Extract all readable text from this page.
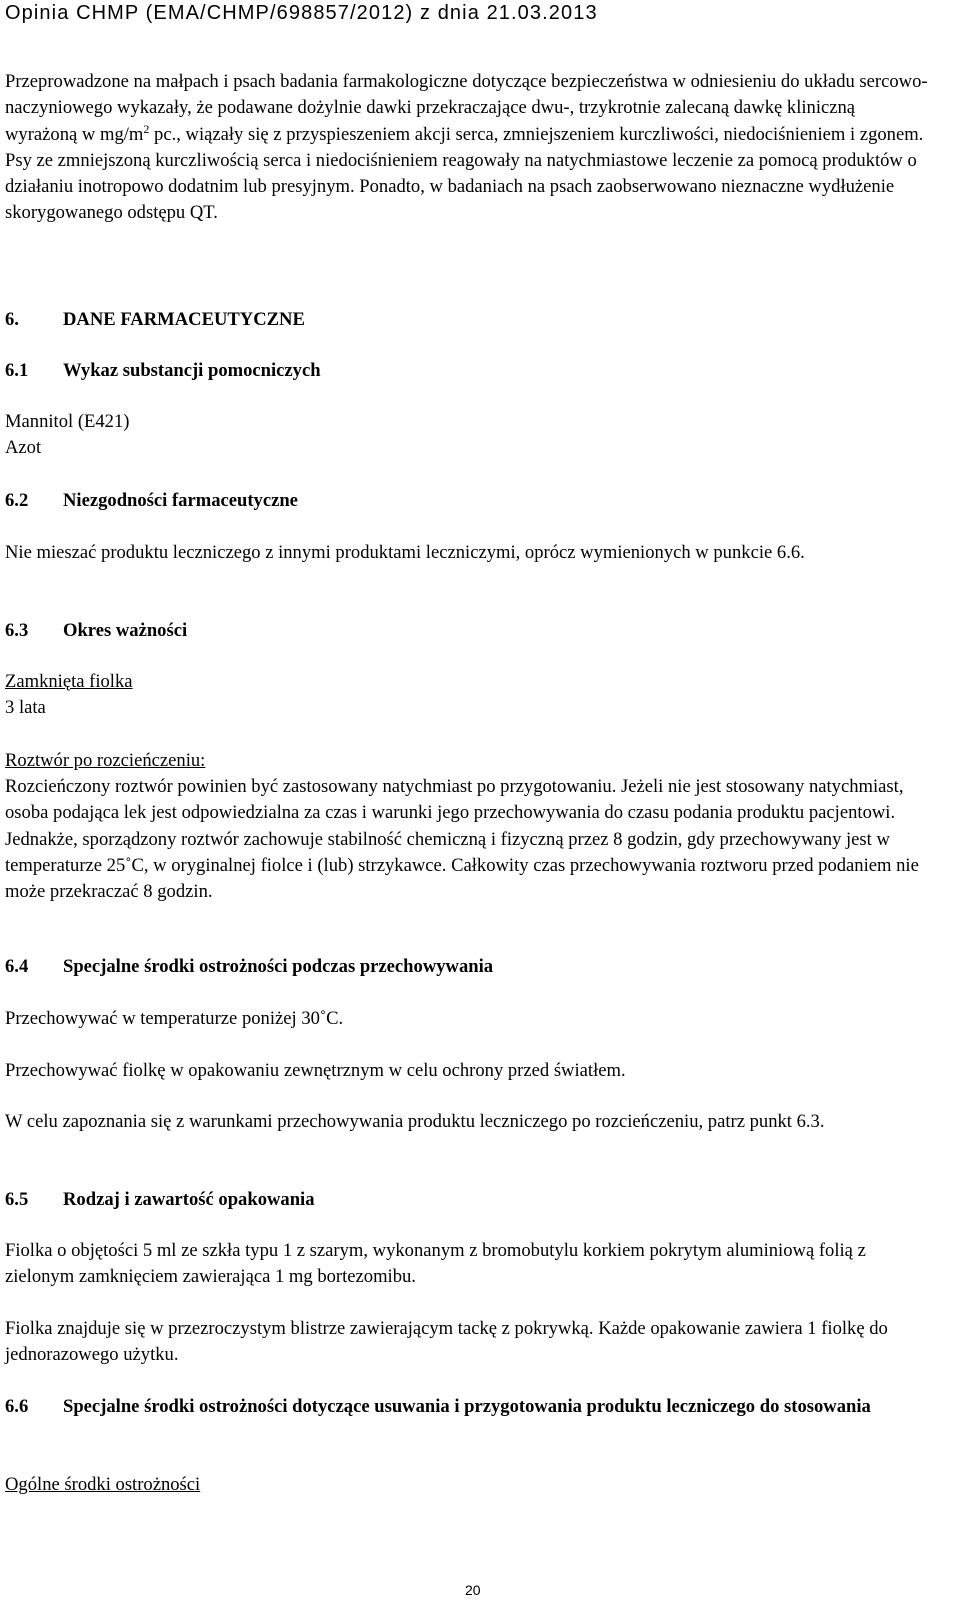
Opinia CHMP (EMA/CHMP/698857/2012) z dnia 21.03.2013
Przeprowadzone na małpach i psach badania farmakologiczne dotyczące bezpieczeństwa w odniesieniu do układu sercowo-naczyniowego wykazały, że podawane dożylnie dawki przekraczające dwu-, trzykrotnie zalecaną dawkę kliniczną wyrażoną w $mg/m^2$ pc., wiązały się z przyspieszeniem akcji serca, zmniejszeniem kurczliwości, niedociśnieniem i zgonem. Psy ze zmniejszoną kurczliwością serca i niedociśnieniem reagowały na natychmiastowe leczenie za pomocą produktów o działaniu inotropowo dodatnim lub presyjnym. Ponadto, w badaniach na psach zaobserwowano nieznaczne wydłużenie skorygowanego odstępu QT.
6. DANE FARMACEUTYCZNE
6.1 Wykaz substancji pomocniczych
Mannitol (E421)
Azot
6.2 Niezgodności farmaceutyczne
Nie mieszać produktu leczniczego z innymi produktami leczniczymi, oprócz wymienionych w punkcie 6.6.
6.3 Okres ważności
Zamknięta fiolka
3 lata
Roztwór po rozcieńczeniu:
Rozcieńczony roztwór powinien być zastosowany natychmiast po przygotowaniu. Jeżeli nie jest stosowany natychmiast, osoba podająca lek jest odpowiedzialna za czas i warunki jego przechowywania do czasu podania produktu pacjentowi. Jednakże, sporządzony roztwór zachowuje stabilność chemiczną i fizyczną przez 8 godzin, gdy przechowywany jest w temperaturze 25˚C, w oryginalnej fiolce i (lub) strzykawce. Całkowity czas przechowywania roztworu przed podaniem nie może przekraczać 8 godzin.
6.4 Specjalne środki ostrożności podczas przechowywania
Przechowywać w temperaturze poniżej 30˚C.
Przechowywać fiolkę w opakowaniu zewnętrznym w celu ochrony przed światłem.
W celu zapoznania się z warunkami przechowywania produktu leczniczego po rozcieńczeniu, patrz punkt 6.3.
6.5 Rodzaj i zawartość opakowania
Fiolka o objętości 5 ml ze szkła typu 1 z szarym, wykonanym z bromobutylu korkiem pokrytym aluminiową folią z zielonym zamknięciem zawierająca 1 mg bortezomibu.
Fiolka znajduje się w przezroczystym blistrze zawierającym tackę z pokrywką. Każde opakowanie zawiera 1 fiolkę do jednorazowego użytku.
6.6	Specjalne środki ostrożności dotyczące usuwania i przygotowania produktu leczniczego do stosowania
Ogólne środki ostrożności
20
